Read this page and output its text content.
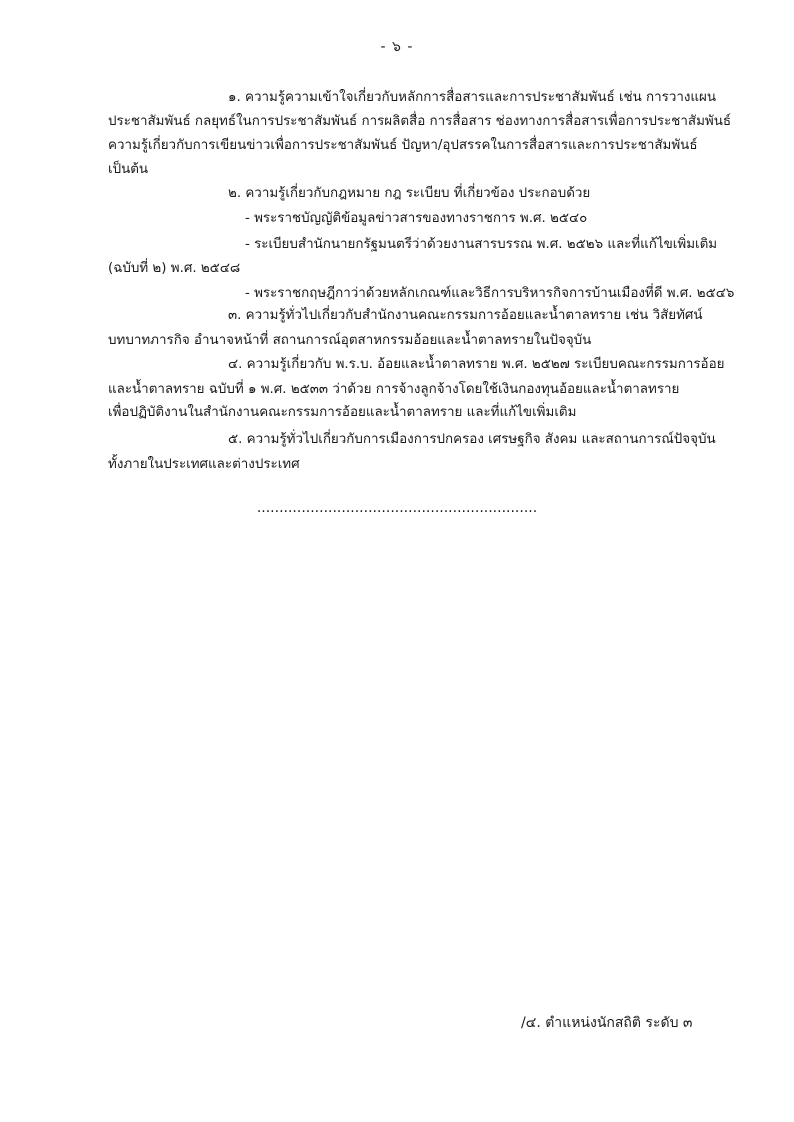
- ๖ -
๑. ความรู้ความเข้าใจเกี่ยวกับหลักการสื่อสารและการประชาสัมพันธ์ เช่น การวางแผน
ประชาสัมพันธ์ กลยุทธ์ในการประชาสัมพันธ์ การผลิตสื่อ การสื่อสาร ช่องทางการสื่อสารเพื่อการประชาสัมพันธ์
ความรู้เกี่ยวกับการเขียนข่าวเพื่อการประชาสัมพันธ์ ปัญหา/อุปสรรคในการสื่อสารและการประชาสัมพันธ์
เป็นต้น
๒. ความรู้เกี่ยวกับกฎหมาย กฎ ระเบียบ ที่เกี่ยวข้อง ประกอบด้วย
- พระราชบัญญัติข้อมูลข่าวสารของทางราชการ พ.ศ. ๒๕๔๐
- ระเบียบสำนักนายกรัฐมนตรีว่าด้วยงานสารบรรณ พ.ศ. ๒๕๒๖ และที่แก้ไขเพิ่มเติม
(ฉบับที่ ๒) พ.ศ. ๒๕๔๘
- พระราชกฤษฎีกาว่าด้วยหลักเกณฑ์และวิธีการบริหารกิจการบ้านเมืองที่ดี พ.ศ. ๒๕๔๖
๓. ความรู้ทั่วไปเกี่ยวกับสำนักงานคณะกรรมการอ้อยและน้ำตาลทราย เช่น วิสัยทัศน์
บทบาทภารกิจ อำนาจหน้าที่ สถานการณ์อุตสาหกรรมอ้อยและน้ำตาลทรายในปัจจุบัน
๔. ความรู้เกี่ยวกับ พ.ร.บ. อ้อยและน้ำตาลทราย พ.ศ. ๒๕๒๗ ระเบียบคณะกรรมการอ้อย
และน้ำตาลทราย ฉบับที่ ๑ พ.ศ. ๒๕๓๓ ว่าด้วย การจ้างลูกจ้างโดยใช้เงินกองทุนอ้อยและน้ำตาลทราย
เพื่อปฏิบัติงานในสำนักงานคณะกรรมการอ้อยและน้ำตาลทราย และที่แก้ไขเพิ่มเติม
๕. ความรู้ทั่วไปเกี่ยวกับการเมืองการปกครอง เศรษฐกิจ สังคม และสถานการณ์ปัจจุบัน
ทั้งภายในประเทศและต่างประเทศ
...............................................................
/๔. ตำแหน่งนักสถิติ ระดับ ๓
